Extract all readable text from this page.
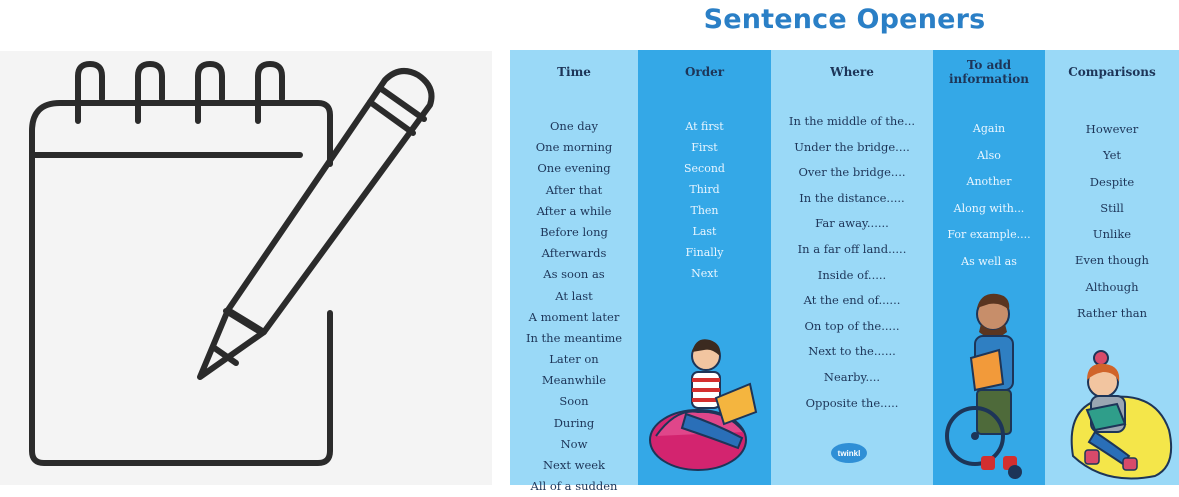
Sentence Openers
Time
One day
One morning
One evening
After that
After a while
Before long
Afterwards
As soon as
At last
A moment later
In the meantime
Later on
Meanwhile
Soon
During
Now
Next week
All of a sudden
Order
At first
First
Second
Third
Then
Last
Finally
Next
Where
In the middle of the...
Under the bridge....
Over the bridge....
In the distance.....
Far away......
In a far off land.....
Inside of.....
At the end of......
On top of the.....
Next to the......
Nearby....
Opposite the.....
twinkl
To add
information
Again
Also
Another
Along with...
For example....
As well as
Comparisons
However
Yet
Despite
Still
Unlike
Even though
Although
Rather than
